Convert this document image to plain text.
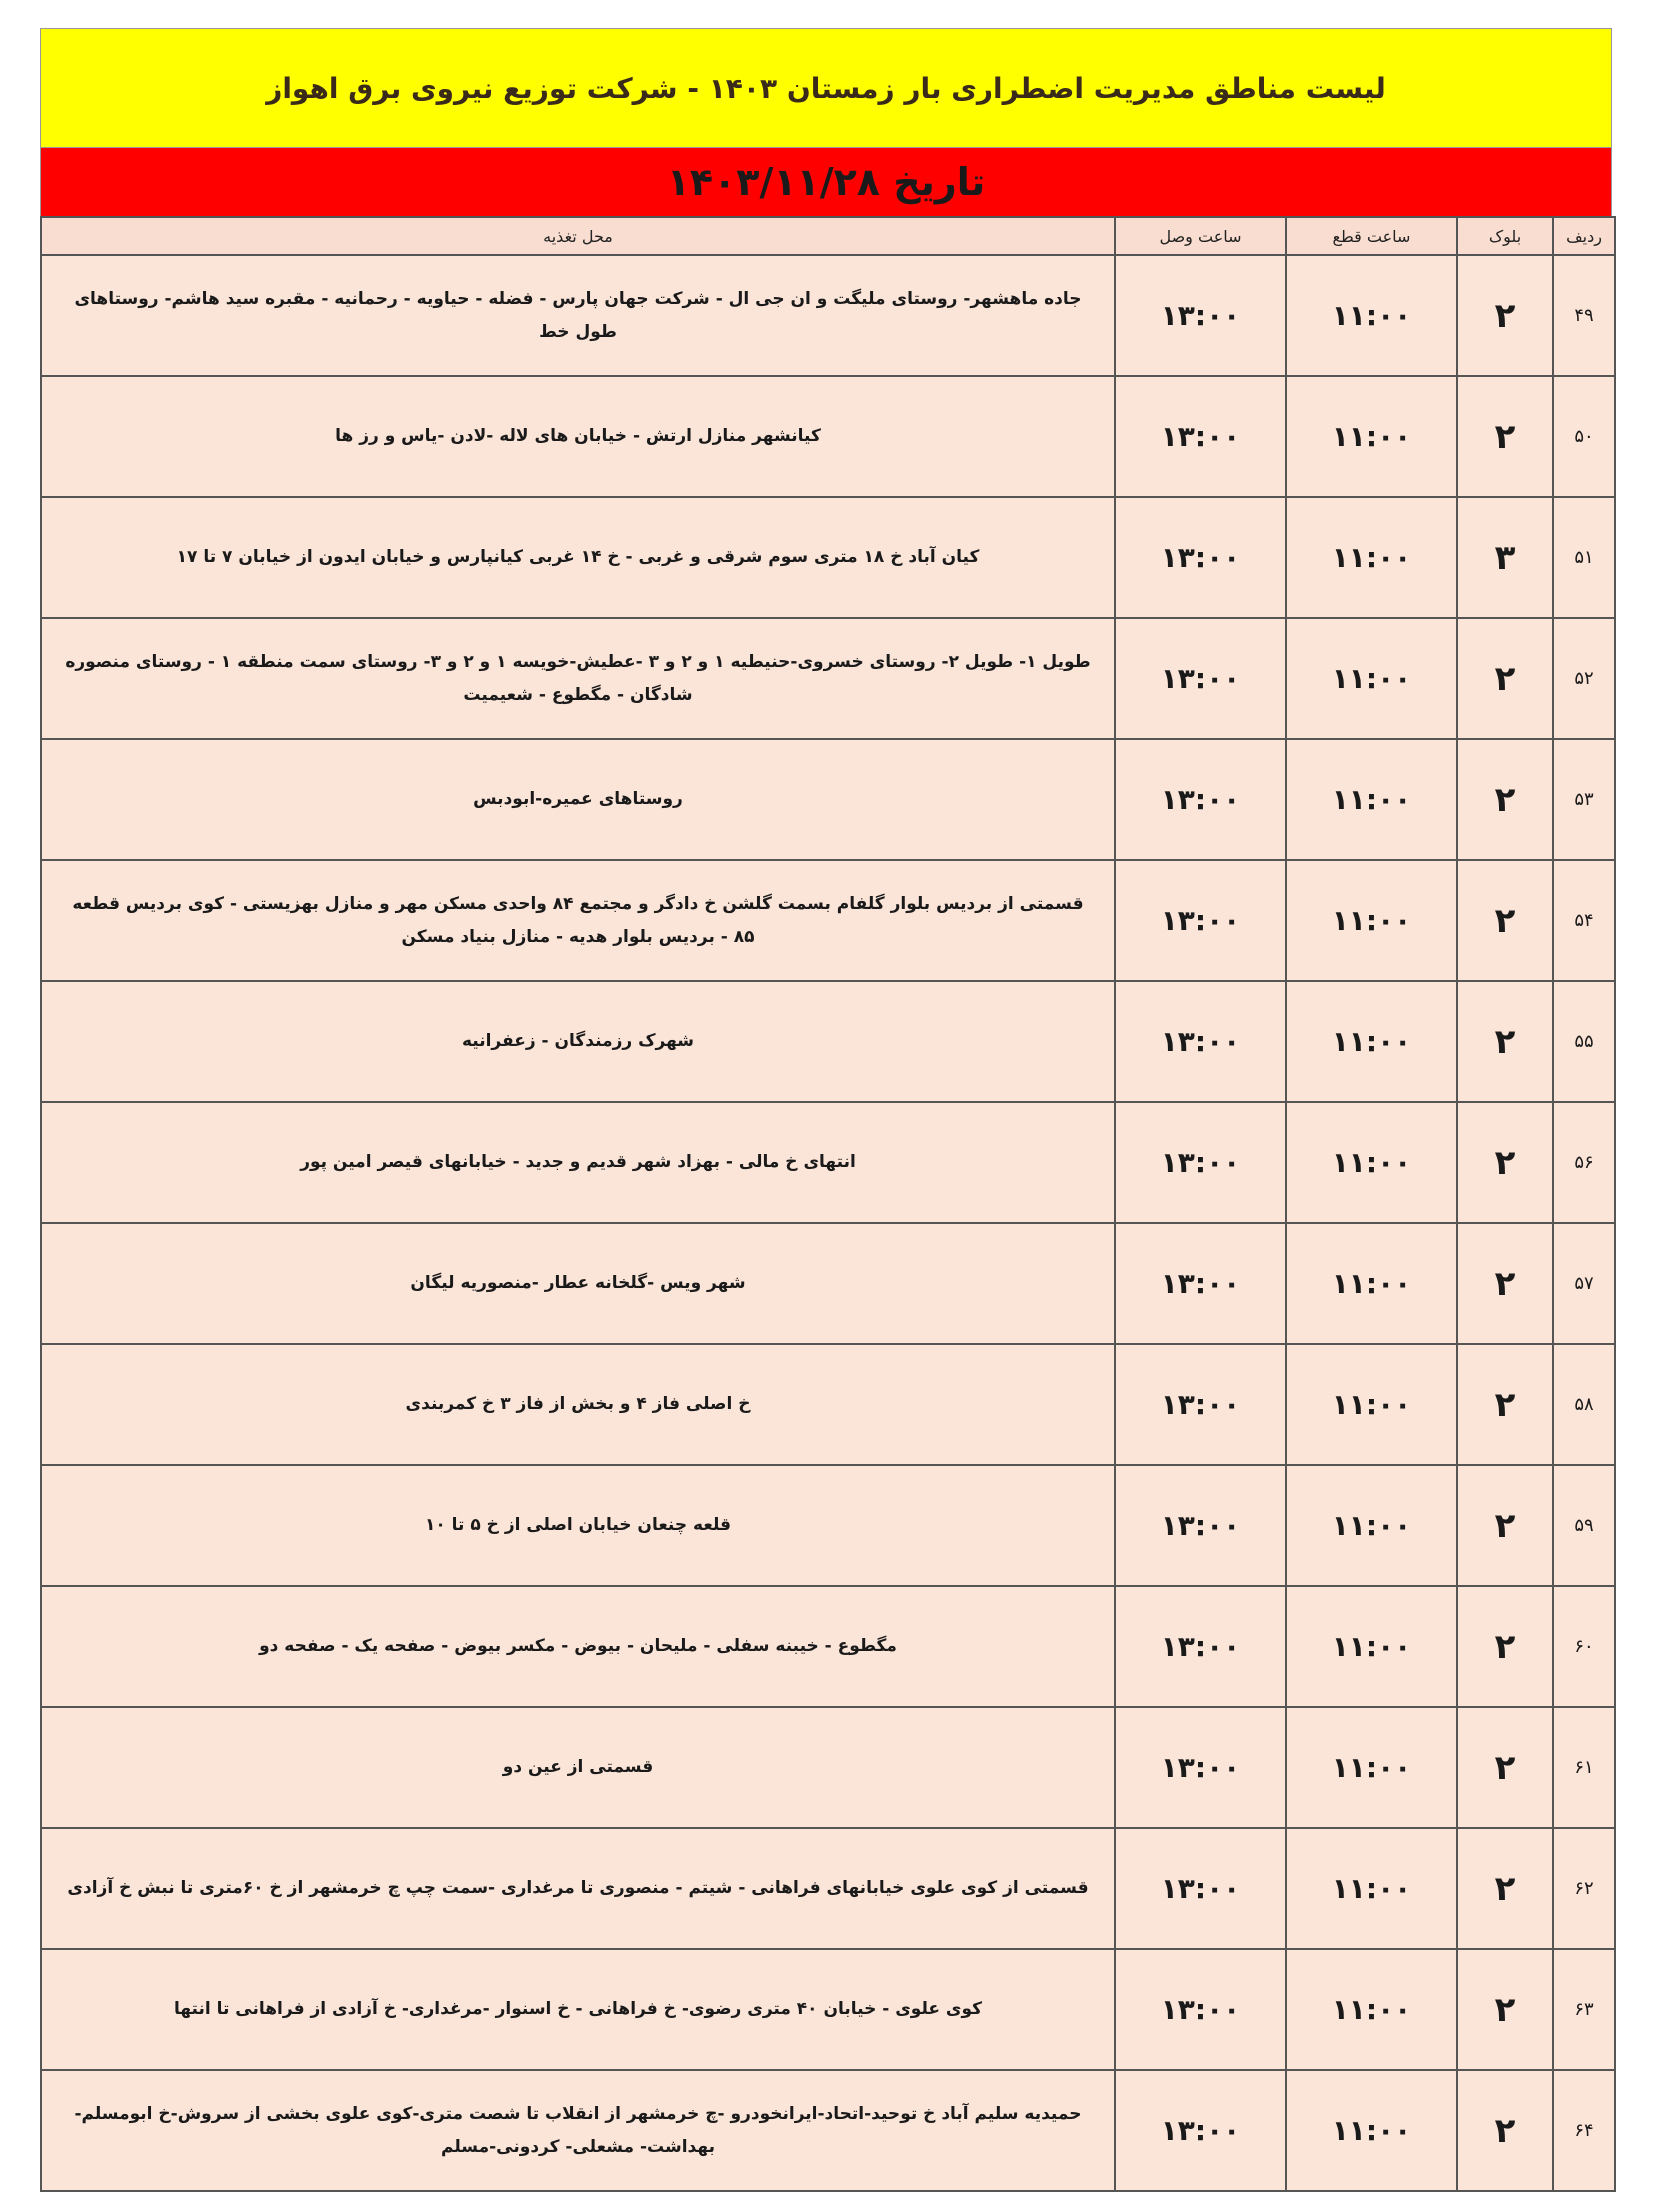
لیست مناطق مدیریت اضطراری بار زمستان ۱۴۰۳ - شرکت توزیع نیروی برق اهواز
تاریخ ۱۴۰۳/۱۱/۲۸
ردیف	بلوک	ساعت قطع	ساعت وصل	محل تغذیه
۴۹	۲	۱۱:۰۰	۱۳:۰۰	جاده ماهشهر- روستای ملیگت و ان جی ال - شرکت جهان پارس - فضله - حیاویه - رحمانیه - مقبره سید هاشم- روستاهای طول خط
۵۰	۲	۱۱:۰۰	۱۳:۰۰	کیانشهر منازل ارتش - خیابان های لاله -لادن -یاس و رز ها
۵۱	۳	۱۱:۰۰	۱۳:۰۰	کیان آباد خ ۱۸ متری سوم شرقی و غربی - خ ۱۴ غربی کیانپارس و خیابان ایدون از خیابان ۷ تا ۱۷
۵۲	۲	۱۱:۰۰	۱۳:۰۰	طویل ۱- طویل ۲- روستای خسروی-حنیطیه ۱ و ۲ و ۳ -عطیش-خویسه ۱ و ۲ و ۳- روستای سمت منطقه ۱ - روستای منصوره شادگان - مگطوع - شعیمیت
۵۳	۲	۱۱:۰۰	۱۳:۰۰	روستاهای عمیره-ابودبس
۵۴	۲	۱۱:۰۰	۱۳:۰۰	قسمتی از بردیس بلوار گلفام بسمت گلشن خ دادگر و مجتمع ۸۴ واحدی مسکن مهر و منازل بهزیستی - کوی بردیس قطعه ۸۵ - بردیس بلوار هدیه - منازل بنیاد مسکن
۵۵	۲	۱۱:۰۰	۱۳:۰۰	شهرک رزمندگان - زعفرانیه
۵۶	۲	۱۱:۰۰	۱۳:۰۰	انتهای خ مالی - بهزاد شهر قدیم و جدید - خیابانهای قیصر امین پور
۵۷	۲	۱۱:۰۰	۱۳:۰۰	شهر ویس -گلخانه عطار -منصوریه لیگان
۵۸	۲	۱۱:۰۰	۱۳:۰۰	خ اصلی فاز ۴ و بخش از فاز ۳ خ کمربندی
۵۹	۲	۱۱:۰۰	۱۳:۰۰	قلعه چنعان خیابان اصلی از خ ۵ تا ۱۰
۶۰	۲	۱۱:۰۰	۱۳:۰۰	مگطوع - خیبنه سفلی - ملیحان - بیوض - مکسر بیوض - صفحه یک - صفحه دو
۶۱	۲	۱۱:۰۰	۱۳:۰۰	قسمتی از عین دو
۶۲	۲	۱۱:۰۰	۱۳:۰۰	قسمتی از کوی علوی خیابانهای فراهانی - شیتم - منصوری تا مرغداری -سمت چپ چ خرمشهر از خ ۶۰متری تا نبش خ آزادی
۶۳	۲	۱۱:۰۰	۱۳:۰۰	کوی علوی - خیابان ۴۰ متری رضوی- خ فراهانی - خ اسنوار -مرغداری- خ آزادی از فراهانی تا انتها
۶۴	۲	۱۱:۰۰	۱۳:۰۰	حمیدیه سلیم آباد خ توحید-اتحاد-ایرانخودرو -چ خرمشهر از انقلاب تا شصت متری-کوی علوی بخشی از سروش-خ ابومسلم- بهداشت- مشعلی- کردونی-مسلم
